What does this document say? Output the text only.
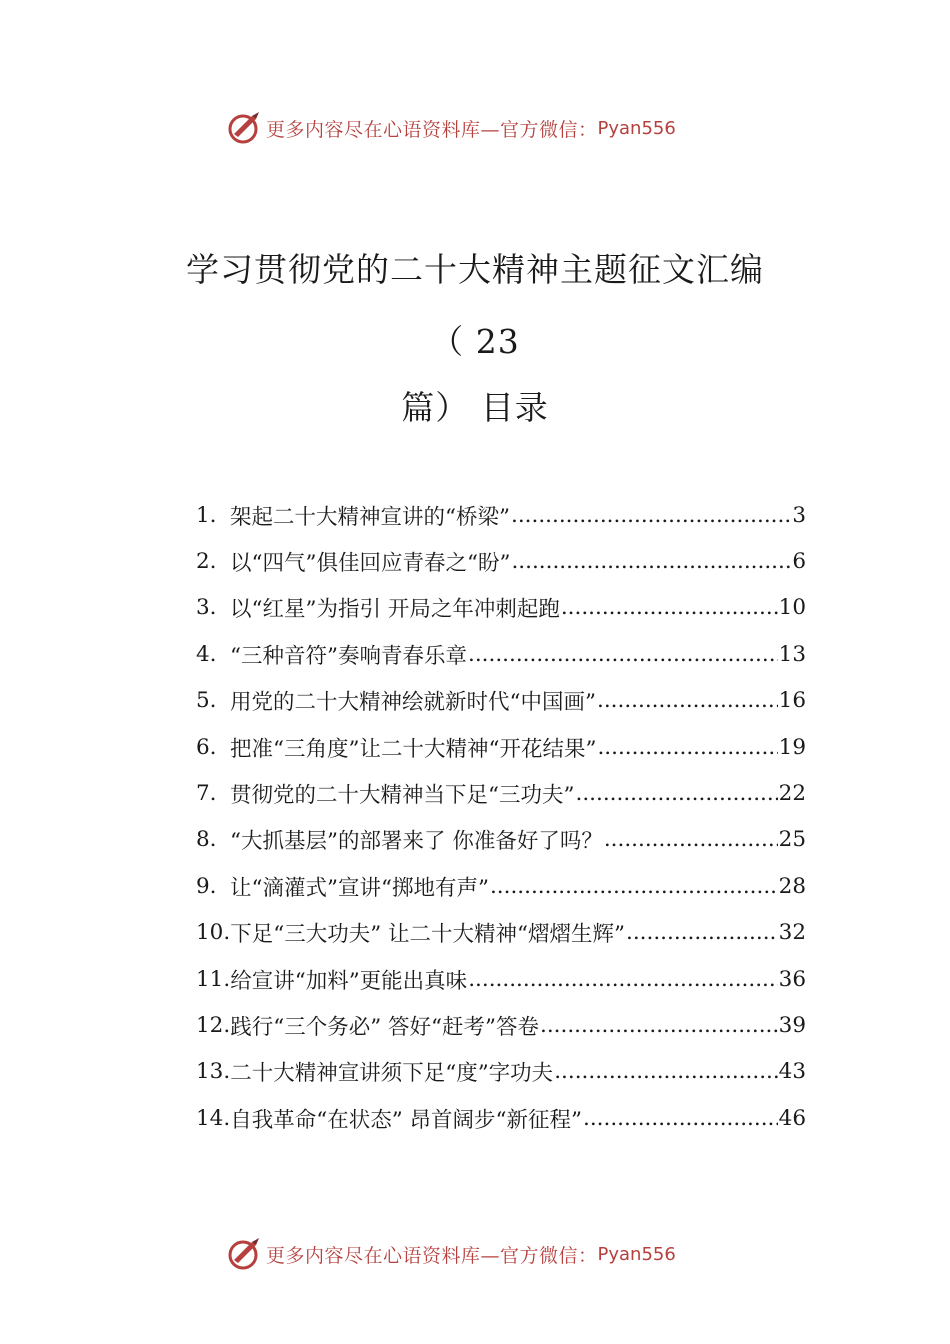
更多内容尽在心语资料库—官方微信： Pyan556
学习贯彻党的二十大精神主题征文汇编
（ 23
篇） 目录
1. 架起二十大精神宣讲的“桥梁” .....	3
2. 以“四气”俱佳回应青春之“盼” .....	6
3. 以“红星”为指引 开局之年冲刺起跑 .....	10
4. “三种音符”奏响青春乐章 .....	13
5. 用党的二十大精神绘就新时代“中国画” .....	16
6. 把准“三角度”让二十大精神“开花结果” .....	19
7. 贯彻党的二十大精神当下足“三功夫” .....	22
8. “大抓基层”的部署来了 你准备好了吗？ .....	25
9. 让“滴灌式”宣讲“掷地有声” .....	28
10. 下足“三大功夫” 让二十大精神“熠熠生辉” .....	32
11. 给宣讲“加料”更能出真味 .....	36
12. 践行“三个务必” 答好“赶考”答卷 .....	39
13. 二十大精神宣讲须下足“度”字功夫 .....	43
14. 自我革命“在状态” 昂首阔步“新征程” .....	46
更多内容尽在心语资料库—官方微信： Pyan556
